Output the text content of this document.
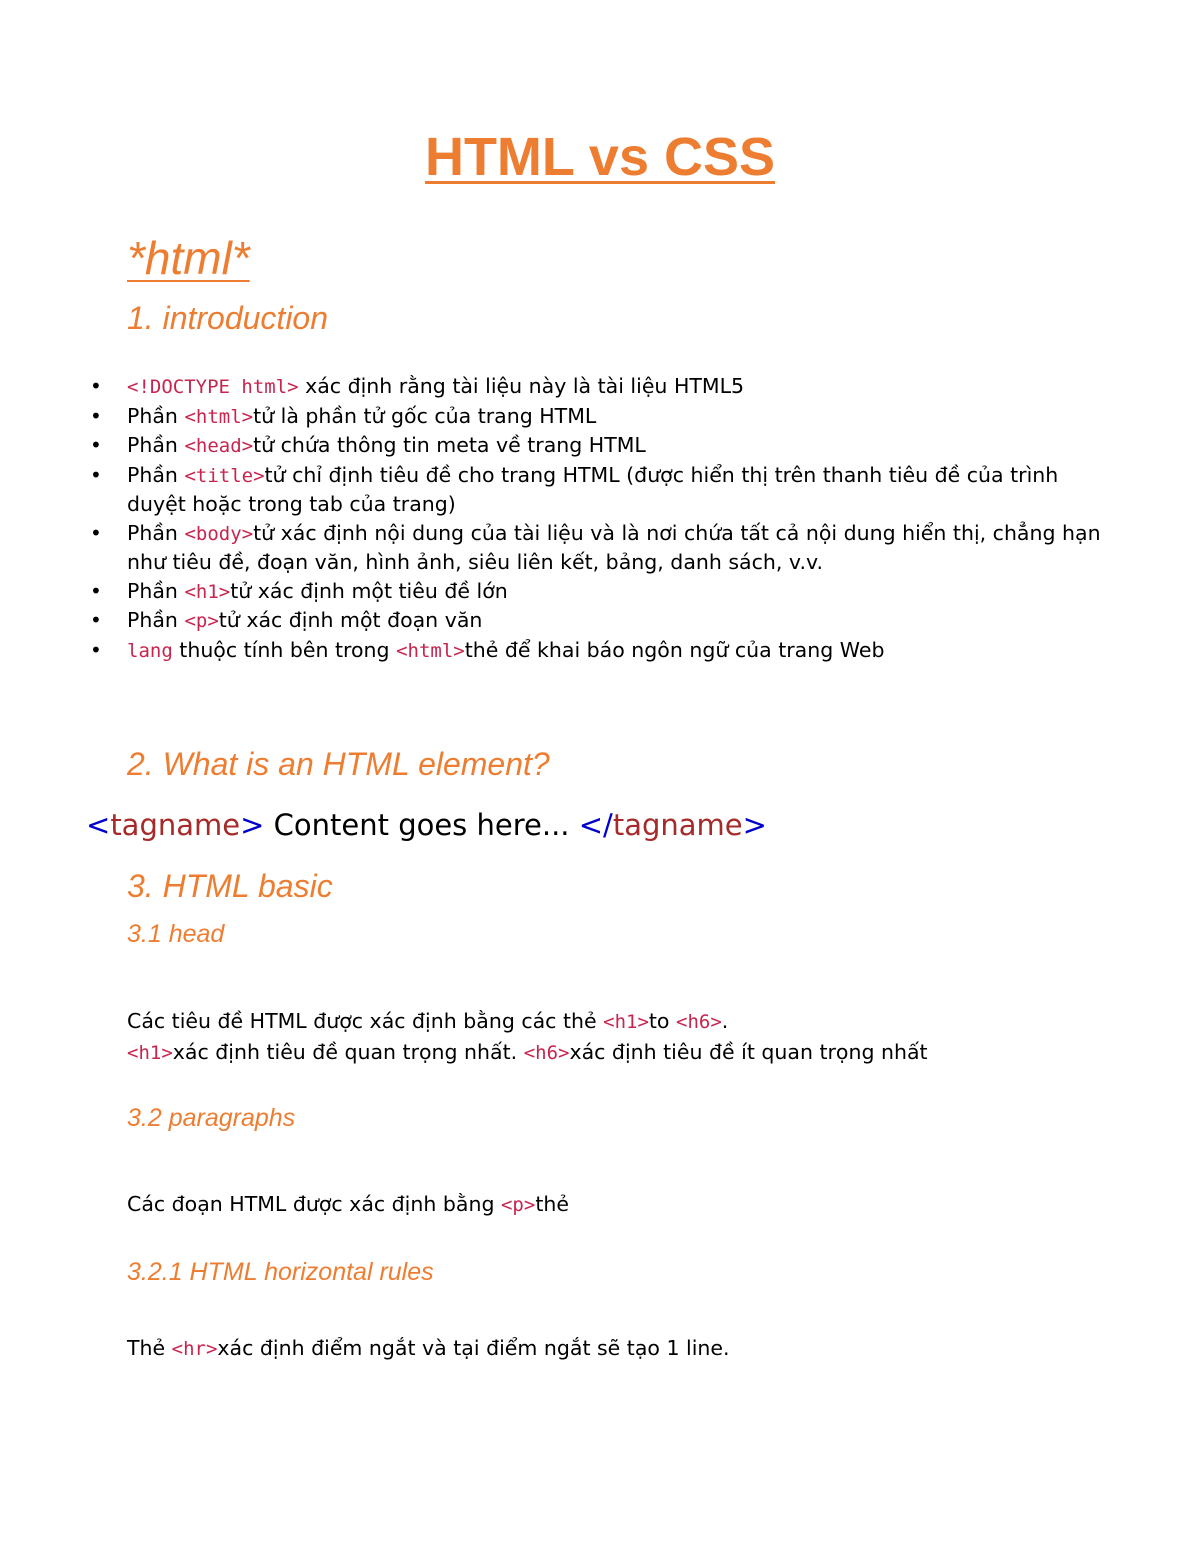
HTML vs CSS
*html*
1. introduction
• <!DOCTYPE html> xác định rằng tài liệu này là tài liệu HTML5
• Phần <html>tử là phần tử gốc của trang HTML
• Phần <head>tử chứa thông tin meta về trang HTML
• Phần <title>tử chỉ định tiêu đề cho trang HTML (được hiển thị trên thanh tiêu đề của trình duyệt hoặc trong tab của trang)
• Phần <body>tử xác định nội dung của tài liệu và là nơi chứa tất cả nội dung hiển thị, chẳng hạn như tiêu đề, đoạn văn, hình ảnh, siêu liên kết, bảng, danh sách, v.v.
• Phần <h1>tử xác định một tiêu đề lớn
• Phần <p>tử xác định một đoạn văn
• lang thuộc tính bên trong <html>thẻ để khai báo ngôn ngữ của trang Web
2. What is an HTML element?
<tagname> Content goes here... </tagname>
3. HTML basic
3.1 head
Các tiêu đề HTML được xác định bằng các thẻ <h1>to <h6>.
<h1>xác định tiêu đề quan trọng nhất. <h6>xác định tiêu đề ít quan trọng nhất
3.2 paragraphs
Các đoạn HTML được xác định bằng <p>thẻ
3.2.1 HTML horizontal rules
Thẻ <hr>xác định điểm ngắt và tại điểm ngắt sẽ tạo 1 line.
